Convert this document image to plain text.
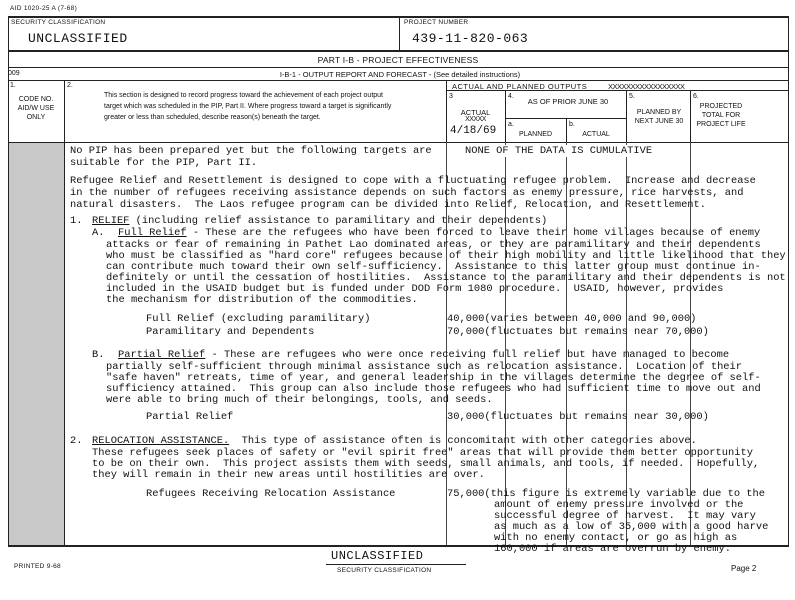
AID 1020-25 A (7-68)
SECURITY CLASSIFICATION
UNCLASSIFIED
PROJECT NUMBER
439-11-820-063
PART I-B - PROJECT EFFECTIVENESS
009	I-B-1 - OUTPUT REPORT AND FORECAST - (See detailed instructions)
1.
CODE NO. AID/W USE ONLY
2.
This section is designed to record progress toward the achievement of each project output target which was scheduled in the PIP, Part II. Where progress toward a target is significantly greater or less than scheduled, describe reason(s) beneath the target.
ACTUAL AND PLANNED OUTPUTS	XXXXXXXXXXXXXXXXX
3
ACTUAL
XXXXX
4/18/69
4.
AS OF PRIOR JUNE 30
a.
PLANNED
b.
ACTUAL
5.
PLANNED BY NEXT JUNE 30
6.
PROJECTED TOTAL FOR PROJECT LIFE
No PIP has been prepared yet but the following targets are
suitable for the PIP, Part II.
NONE OF THE DATA IS CUMULATIVE
Refugee Relief and Resettlement is designed to cope with a fluctuating refugee problem.  Increase and decrease
in the number of refugees receiving assistance depends on such factors as enemy pressure, rice harvests, and
natural disasters.  The Laos refugee program can be divided into Relief, Relocation, and Resettlement.
1. RELIEF (including relief assistance to paramilitary and their dependents)
A. Full Relief - These are the refugees who have been forced to leave their home villages because of enemy
attacks or fear of remaining in Pathet Lao dominated areas, or they are paramilitary and their dependents
who must be classified as "hard core" refugees because of their high mobility and little likelihood that they
can contribute much toward their own self-sufficiency.  Assistance to this latter group must continue in-
definitely or until the cessation of hostilities.  Assistance to the paramilitary and their dependents is not
included in the USAID budget but is funded under DOD Form 1080 procedure.  USAID, however, provides
the mechanism for distribution of the commodities.
Full Relief (excluding paramilitary)	40,000(varies between 40,000 and 90,000)
Paramilitary and Dependents	70,000(fluctuates but remains near 70,000)
B. Partial Relief - These are refugees who were once receiving full relief but have managed to become
partially self-sufficient through minimal assistance such as relocation assistance.  Location of their
"safe haven" retreats, time of year, and general leadership in the villages determine the degree of self-
sufficiency attained.  This group can also include those refugees who had sufficient time to move out and
were able to bring much of their belongings, tools, and seeds.
Partial Relief	30,000(fluctuates but remains near 30,000)
2. RELOCATION ASSISTANCE.  This type of assistance often is concomitant with other categories above.
These refugees seek places of safety or "evil spirit free" areas that will provide them better opportunity
to be on their own.  This project assists them with seeds, small animals, and tools, if needed.  Hopefully,
they will remain in their new areas until hostilities are over.
Refugees Receiving Relocation Assistance	75,000(this figure is extremely variable due to the
amount of enemy pressure involved or the
successful degree of harvest.  It may vary
as much as a low of 35,000 with a good harve
with no enemy contact, or go as high as
160,000 if areas are overrun by enemy.
PRINTED 9-68
UNCLASSIFIED
SECURITY CLASSIFICATION	Page 2
